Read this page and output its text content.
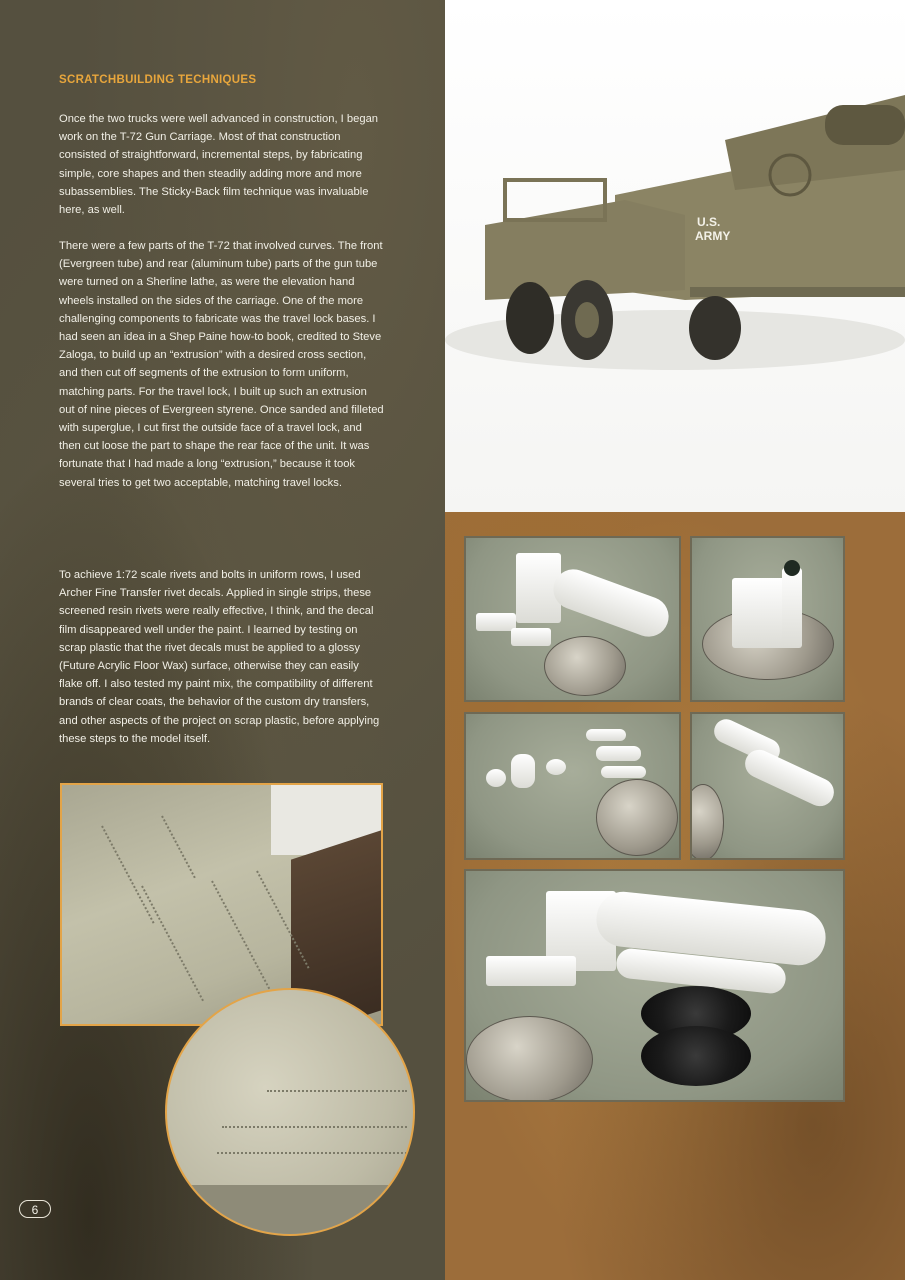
SCRATCHBUILDING TECHNIQUES
Once the two trucks were well advanced in construction, I began work on the T-72 Gun Carriage. Most of that construction consisted of straightforward, incremental steps, by fabricating simple, core shapes and then steadily adding more and more subassemblies. The Sticky-Back film technique was invaluable here, as well.
There were a few parts of the T-72 that involved curves. The front (Evergreen tube) and rear (aluminum tube) parts of the gun tube were turned on a Sherline lathe, as were the elevation hand wheels installed on the sides of the carriage. One of the more challenging components to fabricate was the travel lock bases. I had seen an idea in a Shep Paine how-to book, credited to Steve Zaloga, to build up an “extrusion” with a desired cross section, and then cut off segments of the extrusion to form uniform, matching parts. For the travel lock, I built up such an extrusion out of nine pieces of Evergreen styrene. Once sanded and filleted with superglue, I cut first the outside face of a travel lock, and then cut loose the part to shape the rear face of the unit. It was fortunate that I had made a long “extrusion,” because it took several tries to get two acceptable, matching travel locks.
To achieve 1:72 scale rivets and bolts in uniform rows, I used Archer Fine Transfer rivet decals. Applied in single strips, these screened resin rivets were really effective, I think, and the decal film disappeared well under the paint. I learned by testing on scrap plastic that the rivet decals must be applied to a glossy (Future Acrylic Floor Wax) surface, otherwise they can easily flake off. I also tested my paint mix, the compatibility of different brands of clear coats, the behavior of the custom dry transfers, and other aspects of the project on scrap plastic, before applying these steps to the model itself.
6
U.S.
ARMY
